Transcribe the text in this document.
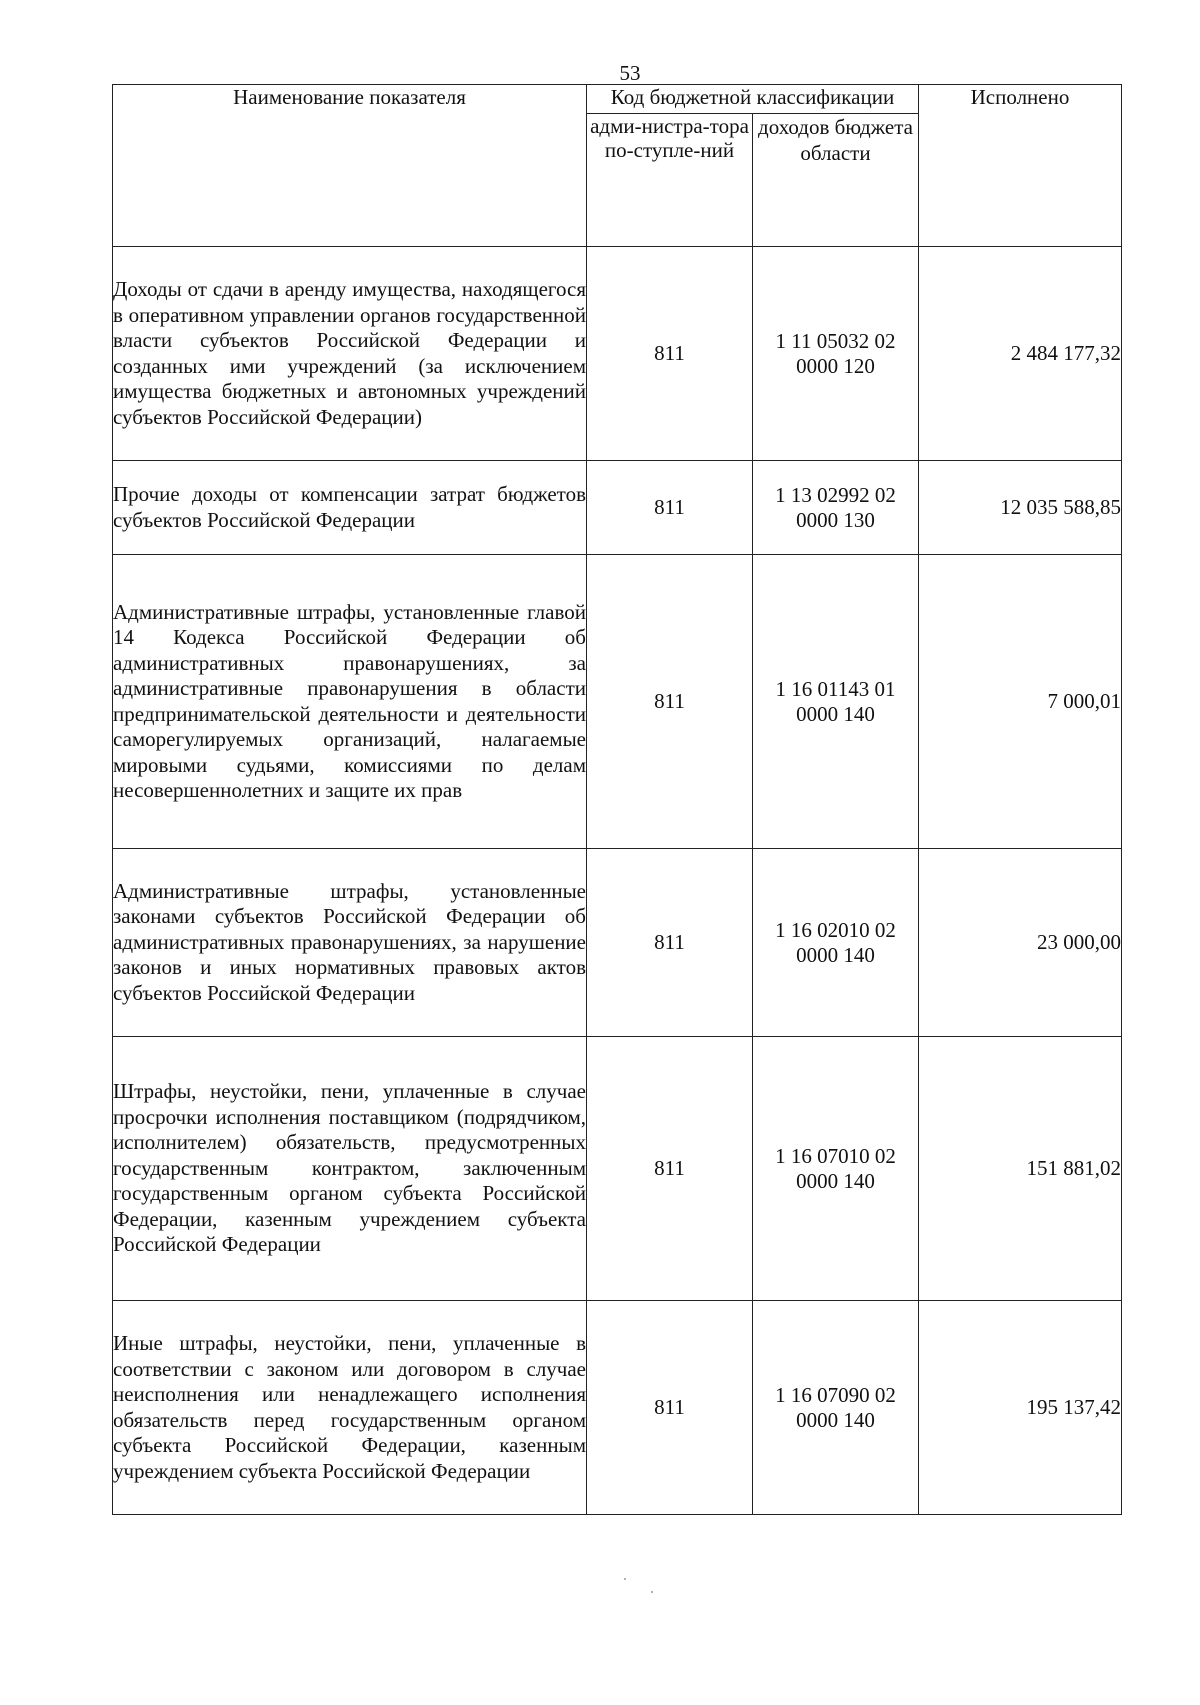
53
Наименование показателя	Код бюджетной классификации		Исполнено
	адми-нистра-тора по-ступле-ний	доходов бюджета области	
Доходы от сдачи в аренду имущества, находящегося в оперативном управлении органов государственной власти субъектов Российской Федерации и созданных ими учреждений (за исключением имущества бюджетных и автономных учреждений субъектов Российской Федерации)	811	1 11 05032 02 0000 120	2 484 177,32
Прочие доходы от компенсации затрат бюджетов субъектов Российской Федерации	811	1 13 02992 02 0000 130	12 035 588,85
Административные штрафы, установленные главой 14 Кодекса Российской Федерации об административных правонарушениях, за административные правонарушения в области предпринимательской деятельности и деятельности саморегулируемых организаций, налагаемые мировыми судьями, комиссиями по делам несовершеннолетних и защите их прав	811	1 16 01143 01 0000 140	7 000,01
Административные штрафы, установленные законами субъектов Российской Федерации об административных правонарушениях, за нарушение законов и иных нормативных правовых актов субъектов Российской Федерации	811	1 16 02010 02 0000 140	23 000,00
Штрафы, неустойки, пени, уплаченные в случае просрочки исполнения поставщиком (подрядчиком, исполнителем) обязательств, предусмотренных государственным контрактом, заключенным государственным органом субъекта Российской Федерации, казенным учреждением субъекта Российской Федерации	811	1 16 07010 02 0000 140	151 881,02
Иные штрафы, неустойки, пени, уплаченные в соответствии с законом или договором в случае неисполнения или ненадлежащего исполнения обязательств перед государственным органом субъекта Российской Федерации, казенным учреждением субъекта Российской Федерации	811	1 16 07090 02 0000 140	195 137,42
